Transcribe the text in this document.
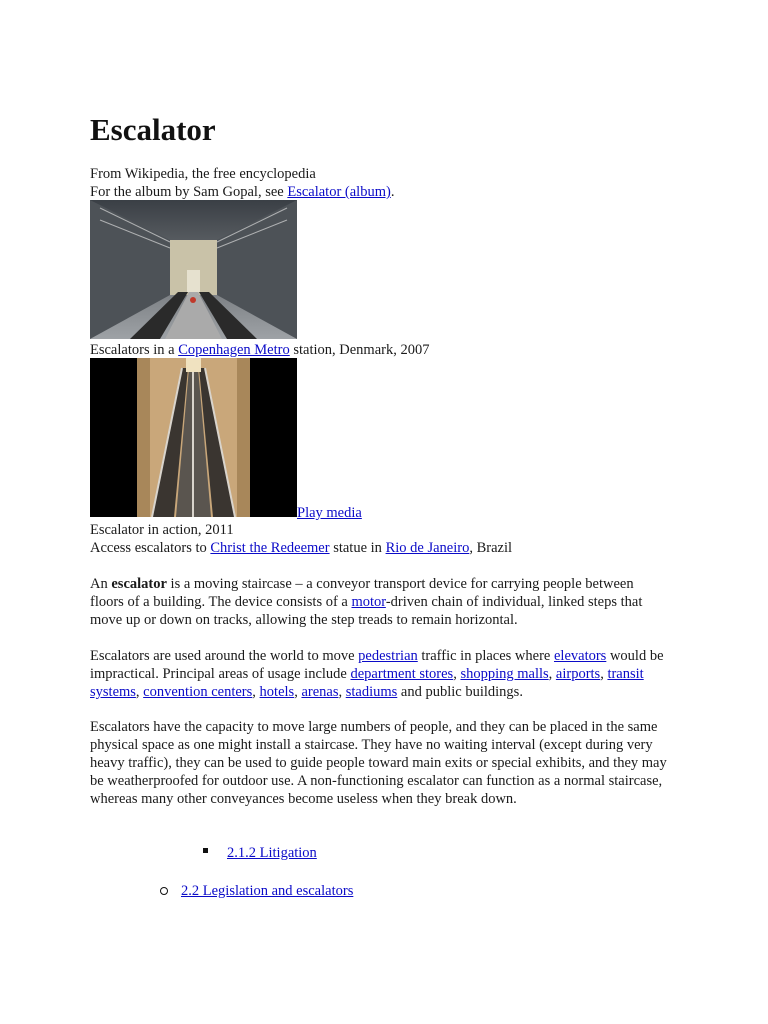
Escalator
From Wikipedia, the free encyclopedia
For the album by Sam Gopal, see Escalator (album).
Escalators in a Copenhagen Metro station, Denmark, 2007
Play media
Escalator in action, 2011
Access escalators to Christ the Redeemer statue in Rio de Janeiro, Brazil

An escalator is a moving staircase – a conveyor transport device for carrying people between floors of a building. The device consists of a motor-driven chain of individual, linked steps that move up or down on tracks, allowing the step treads to remain horizontal.

Escalators are used around the world to move pedestrian traffic in places where elevators would be impractical. Principal areas of usage include department stores, shopping malls, airports, transit systems, convention centers, hotels, arenas, stadiums and public buildings.

Escalators have the capacity to move large numbers of people, and they can be placed in the same physical space as one might install a staircase. They have no waiting interval (except during very heavy traffic), they can be used to guide people toward main exits or special exhibits, and they may be weatherproofed for outdoor use. A non-functioning escalator can function as a normal staircase, whereas many other conveyances become useless when they break down.

2.1.2 Litigation
2.2 Legislation and escalators
